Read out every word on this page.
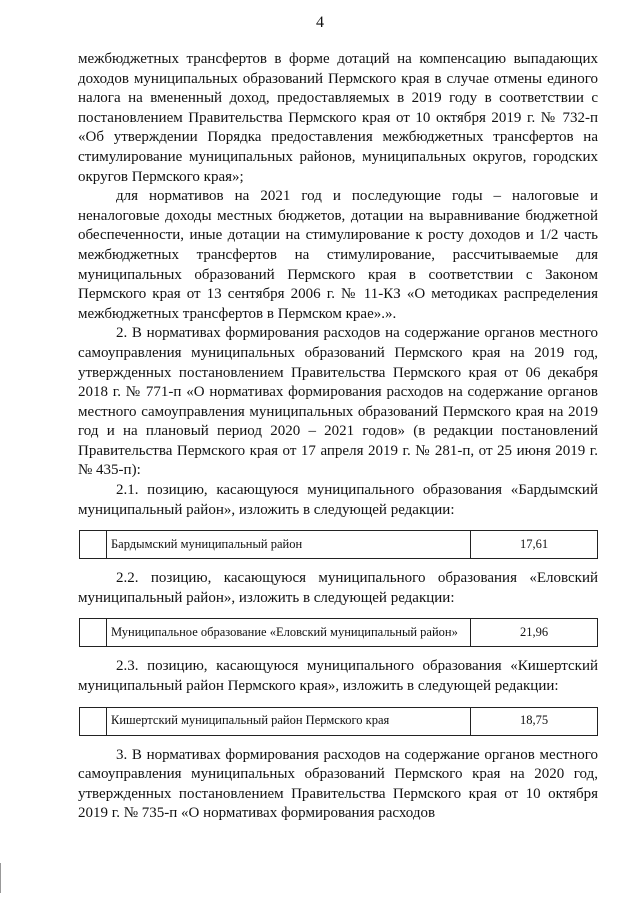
4

межбюджетных трансфертов в форме дотаций на компенсацию выпадающих доходов муниципальных образований Пермского края в случае отмены единого налога на вмененный доход, предоставляемых в 2019 году в соответствии с постановлением Правительства Пермского края от 10 октября 2019 г. № 732-п «Об утверждении Порядка предоставления межбюджетных трансфертов на стимулирование муниципальных районов, муниципальных округов, городских округов Пермского края»;

для нормативов на 2021 год и последующие годы – налоговые и неналоговые доходы местных бюджетов, дотации на выравнивание бюджетной обеспеченности, иные дотации на стимулирование к росту доходов и 1/2 часть межбюджетных трансфертов на стимулирование, рассчитываемые для муниципальных образований Пермского края в соответствии с Законом Пермского края от 13 сентября 2006 г. № 11-КЗ «О методиках распределения межбюджетных трансфертов в Пермском крае».».

2. В нормативах формирования расходов на содержание органов местного самоуправления муниципальных образований Пермского края на 2019 год, утвержденных постановлением Правительства Пермского края от 06 декабря 2018 г. № 771-п «О нормативах формирования расходов на содержание органов местного самоуправления муниципальных образований Пермского края на 2019 год и на плановый период 2020 – 2021 годов» (в редакции постановлений Правительства Пермского края от 17 апреля 2019 г. № 281-п, от 25 июня 2019 г. № 435-п):

2.1. позицию, касающуюся муниципального образования «Бардымский муниципальный район», изложить в следующей редакции:

	Бардымский муниципальный район	17,61

2.2. позицию, касающуюся муниципального образования «Еловский муниципальный район», изложить в следующей редакции:

	Муниципальное образование «Еловский муниципальный район»	21,96

2.3. позицию, касающуюся муниципального образования «Кишертский муниципальный район Пермского края», изложить в следующей редакции:

	Кишертский муниципальный район Пермского края	18,75

3. В нормативах формирования расходов на содержание органов местного самоуправления муниципальных образований Пермского края на 2020 год, утвержденных постановлением Правительства Пермского края от 10 октября 2019 г. № 735-п «О нормативах формирования расходов
